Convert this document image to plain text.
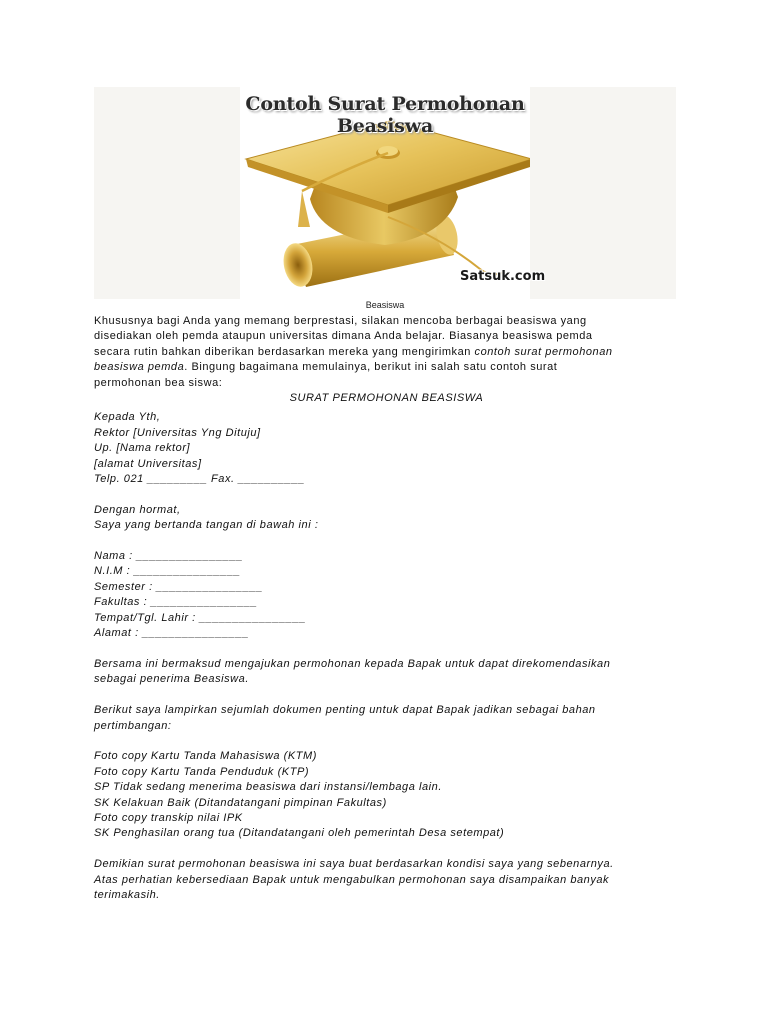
Contoh Surat Permohonan Beasiswa
Satsuk.com
Beasiswa

Khususnya bagi Anda yang memang berprestasi, silakan mencoba berbagai beasiswa yang

disediakan oleh pemda ataupun universitas dimana Anda belajar. Biasanya beasiswa pemda

secara rutin bahkan diberikan berdasarkan mereka yang mengirimkan contoh surat permohonan

beasiswa pemda. Bingung bagaimana memulainya, berikut ini salah satu contoh surat

permohonan bea siswa:

SURAT PERMOHONAN BEASISWA

Kepada Yth,

Rektor [Universitas Yng Dituju]

Up. [Nama rektor]

[alamat Universitas]

Telp. 021 _________ Fax. __________

Dengan hormat,

Saya yang bertanda tangan di bawah ini :

Nama : ________________

N.I.M : ________________

Semester : ________________

Fakultas : ________________

Tempat/Tgl. Lahir : ________________

Alamat : ________________

Bersama ini bermaksud mengajukan permohonan kepada Bapak untuk dapat direkomendasikan

sebagai penerima Beasiswa.

Berikut saya lampirkan sejumlah dokumen penting untuk dapat Bapak jadikan sebagai bahan

pertimbangan:

Foto copy Kartu Tanda Mahasiswa (KTM)

Foto copy Kartu Tanda Penduduk (KTP)

SP Tidak sedang menerima beasiswa dari instansi/lembaga lain.

SK Kelakuan Baik (Ditandatangani pimpinan Fakultas)

Foto copy transkip nilai IPK

SK Penghasilan orang tua (Ditandatangani oleh pemerintah Desa setempat)

Demikian surat permohonan beasiswa ini saya buat berdasarkan kondisi saya yang sebenarnya.

Atas perhatian kebersediaan Bapak untuk mengabulkan permohonan saya disampaikan banyak

terimakasih.
